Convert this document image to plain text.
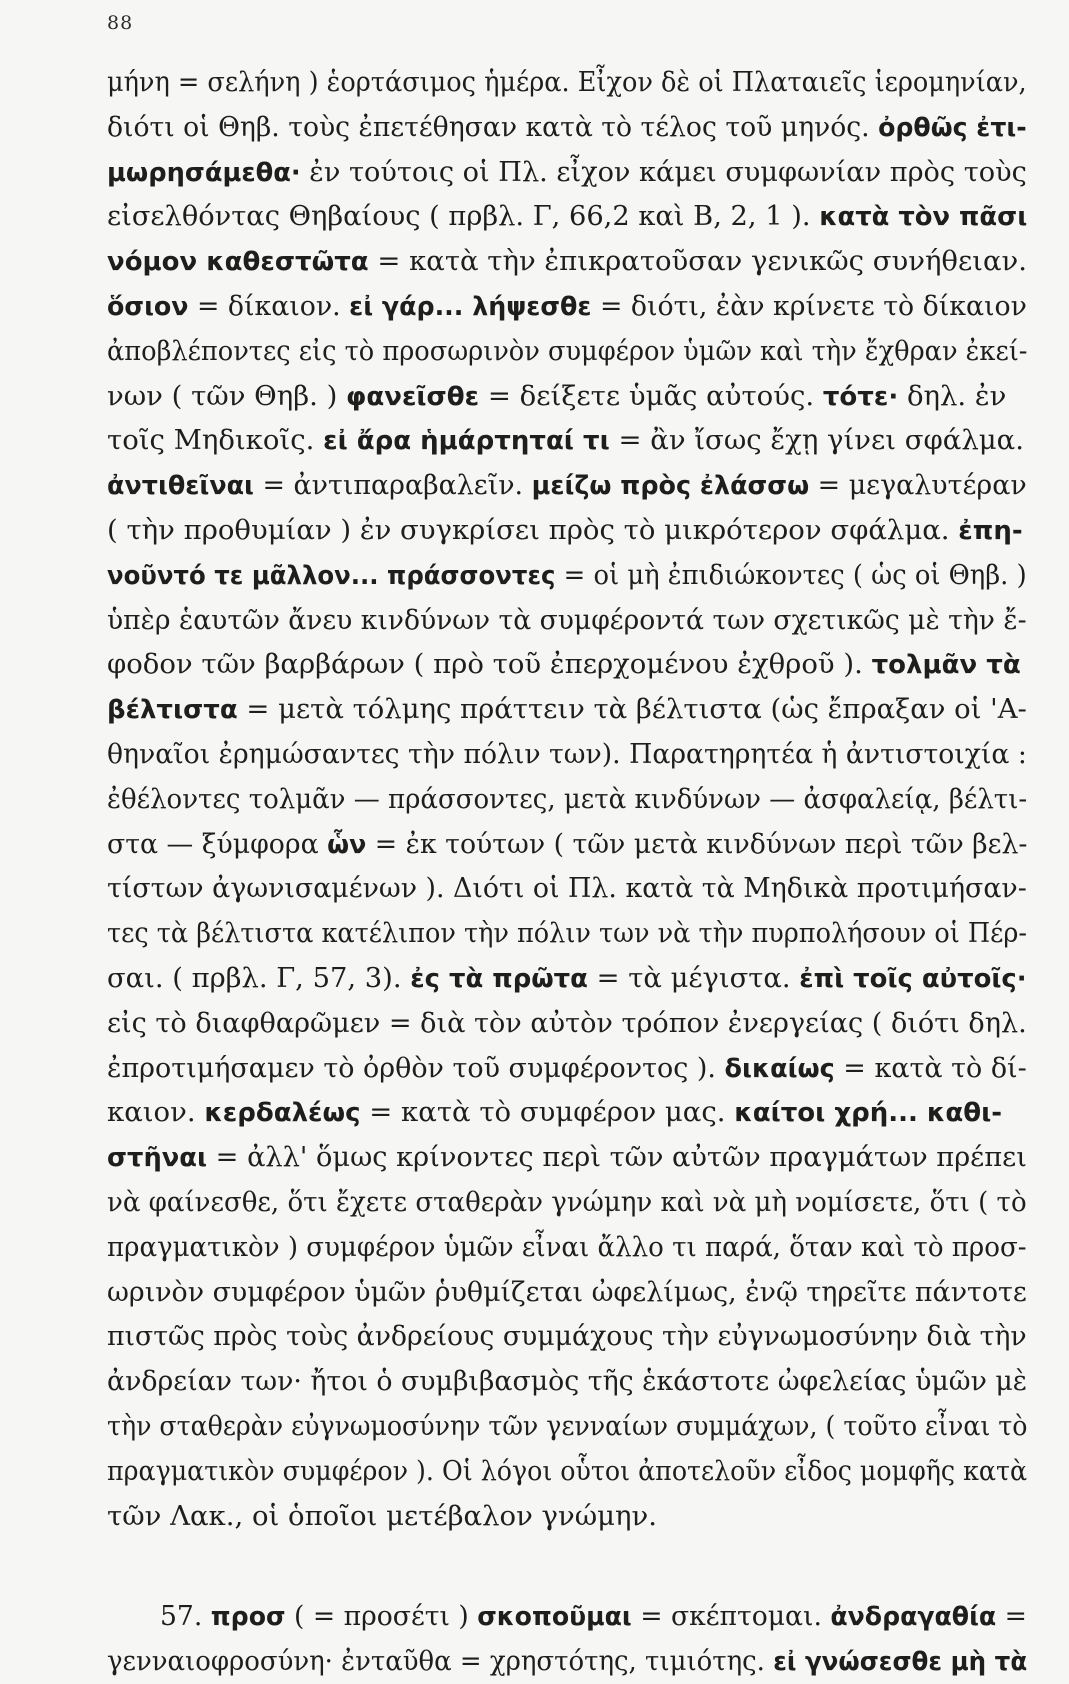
88
μήνη = σελήνη ) ἑορτάσιμος ἡμέρα. Εἶχον δὲ οἱ Πλαταιεῖς ἱερομηνίαν,
διότι οἱ Θηβ. τοὺς ἐπετέθησαν κατὰ τὸ τέλος τοῦ μηνός. ὀρθῶς ἐτι-
μωρησάμεθα· ἐν τούτοις οἱ Πλ. εἶχον κάμει συμφωνίαν πρὸς τοὺς
εἰσελθόντας Θηβαίους ( πρβλ. Γ, 66,2 καὶ Β, 2, 1 ). κατὰ τὸν πᾶσι
νόμον καθεστῶτα = κατὰ τὴν ἐπικρατοῦσαν γενικῶς συνήθειαν.
ὅσιον = δίκαιον. εἰ γάρ... λήψεσθε = διότι, ἐὰν κρίνετε τὸ δίκαιον
ἀποβλέποντες εἰς τὸ προσωρινὸν συμφέρον ὑμῶν καὶ τὴν ἔχθραν ἐκεί-
νων ( τῶν Θηβ. ) φανεῖσθε = δείξετε ὑμᾶς αὐτούς. τότε· δηλ. ἐν
τοῖς Μηδικοῖς. εἰ ἄρα ἡμάρτηταί τι = ἂν ἴσως ἔχῃ γίνει σφάλμα.
ἀντιθεῖναι = ἀντιπαραβαλεῖν. μείζω πρὸς ἐλάσσω = μεγαλυτέραν
( τὴν προθυμίαν ) ἐν συγκρίσει πρὸς τὸ μικρότερον σφάλμα. ἐπη-
νοῦντό τε μᾶλλον... πράσσοντες = οἱ μὴ ἐπιδιώκοντες ( ὡς οἱ Θηβ. )
ὑπὲρ ἑαυτῶν ἄνευ κινδύνων τὰ συμφέροντά των σχετικῶς μὲ τὴν ἔ-
φοδον τῶν βαρβάρων ( πρὸ τοῦ ἐπερχομένου ἐχθροῦ ). τολμᾶν τὰ
βέλτιστα = μετὰ τόλμης πράττειν τὰ βέλτιστα (ὡς ἔπραξαν οἱ 'Α-
θηναῖοι ἐρημώσαντες τὴν πόλιν των). Παρατηρητέα ἡ ἀντιστοιχία :
ἐθέλοντες τολμᾶν — πράσσοντες, μετὰ κινδύνων — ἀσφαλείᾳ, βέλτι-
στα — ξύμφορα ὧν = ἐκ τούτων ( τῶν μετὰ κινδύνων περὶ τῶν βελ-
τίστων ἀγωνισαμένων ). Διότι οἱ Πλ. κατὰ τὰ Μηδικὰ προτιμήσαν-
τες τὰ βέλτιστα κατέλιπον τὴν πόλιν των νὰ τὴν πυρπολήσουν οἱ Πέρ-
σαι. ( πρβλ. Γ, 57, 3). ἐς τὰ πρῶτα = τὰ μέγιστα. ἐπὶ τοῖς αὐτοῖς·
εἰς τὸ διαφθαρῶμεν = διὰ τὸν αὐτὸν τρόπον ἐνεργείας ( διότι δηλ.
ἐπροτιμήσαμεν τὸ ὀρθὸν τοῦ συμφέροντος ). δικαίως = κατὰ τὸ δί-
καιον. κερδαλέως = κατὰ τὸ συμφέρον μας. καίτοι χρή... καθι-
στῆναι = ἀλλ' ὅμως κρίνοντες περὶ τῶν αὐτῶν πραγμάτων πρέπει
νὰ φαίνεσθε, ὅτι ἔχετε σταθερὰν γνώμην καὶ νὰ μὴ νομίσετε, ὅτι ( τὸ
πραγματικὸν ) συμφέρον ὑμῶν εἶναι ἄλλο τι παρά, ὅταν καὶ τὸ προσ-
ωρινὸν συμφέρον ὑμῶν ῥυθμίζεται ὠφελίμως, ἐνῷ τηρεῖτε πάντοτε
πιστῶς πρὸς τοὺς ἀνδρείους συμμάχους τὴν εὐγνωμοσύνην διὰ τὴν
ἀνδρείαν των· ἤτοι ὁ συμβιβασμὸς τῆς ἑκάστοτε ὠφελείας ὑμῶν μὲ
τὴν σταθερὰν εὐγνωμοσύνην τῶν γενναίων συμμάχων, ( τοῦτο εἶναι τὸ
πραγματικὸν συμφέρον ). Οἱ λόγοι οὗτοι ἀποτελοῦν εἶδος μομφῆς κατὰ
τῶν Λακ., οἱ ὁποῖοι μετέβαλον γνώμην.
57. προσ ( = προσέτι ) σκοποῦμαι = σκέπτομαι. ἀνδραγαθία =
γενναιοφροσύνη· ἐνταῦθα = χρηστότης, τιμιότης. εἰ γνώσεσθε μὴ τὰ
